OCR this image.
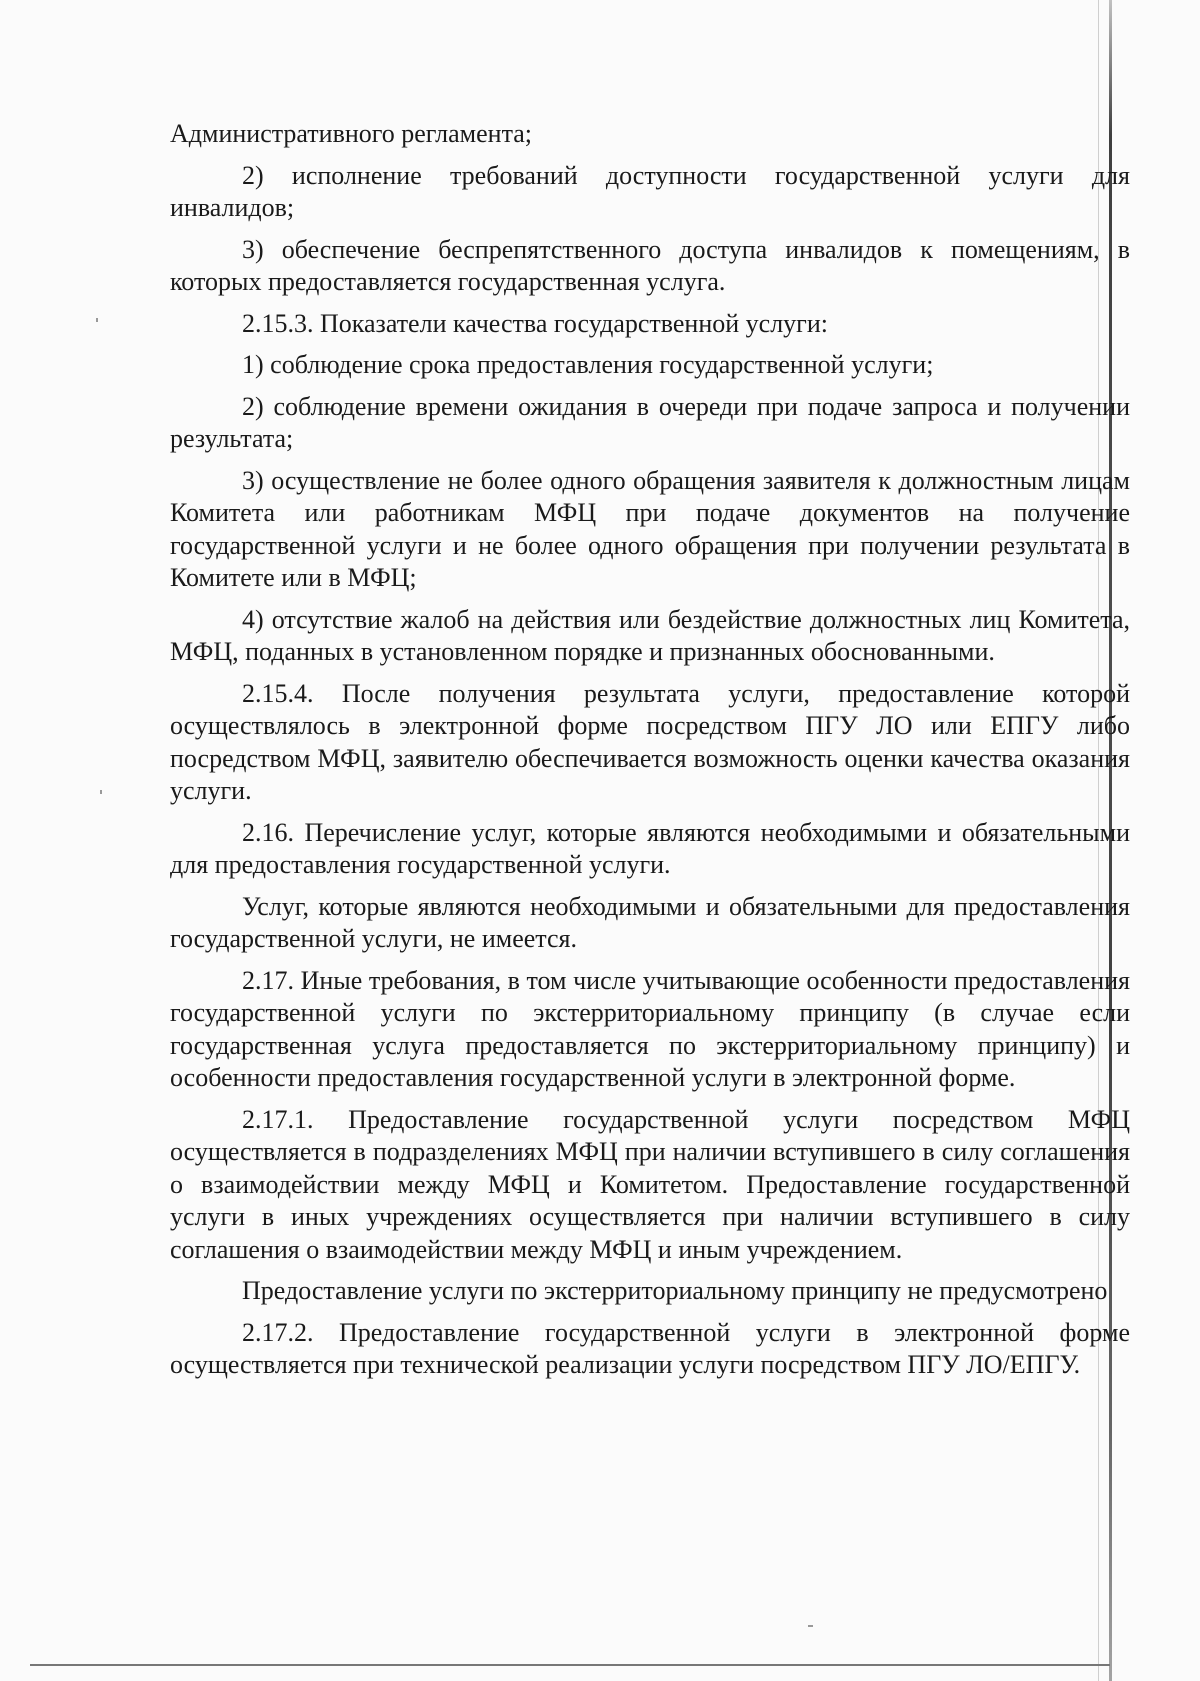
Административного регламента;

2) исполнение требований доступности государственной услуги для инвалидов;

3) обеспечение беспрепятственного доступа инвалидов к помещениям, в которых предоставляется государственная услуга.

2.15.3. Показатели качества государственной услуги:

1) соблюдение срока предоставления государственной услуги;

2) соблюдение времени ожидания в очереди при подаче запроса и получении результата;

3) осуществление не более одного обращения заявителя к должностным лицам Комитета или работникам МФЦ при подаче документов на получение государственной услуги и не более одного обращения при получении результата в Комитете или в МФЦ;

4) отсутствие жалоб на действия или бездействие должностных лиц Комитета, МФЦ, поданных в установленном порядке и признанных обоснованными.

2.15.4. После получения результата услуги, предоставление которой осуществлялось в электронной форме посредством ПГУ ЛО или ЕПГУ либо посредством МФЦ, заявителю обеспечивается возможность оценки качества оказания услуги.

2.16. Перечисление услуг, которые являются необходимыми и обязательными для предоставления государственной услуги.

Услуг, которые являются необходимыми и обязательными для предоставления государственной услуги, не имеется.

2.17. Иные требования, в том числе учитывающие особенности предоставления государственной услуги по экстерриториальному принципу (в случае если государственная услуга предоставляется по экстерриториальному принципу) и особенности предоставления государственной услуги в электронной форме.

2.17.1. Предоставление государственной услуги посредством МФЦ осуществляется в подразделениях МФЦ при наличии вступившего в силу соглашения о взаимодействии между МФЦ и Комитетом. Предоставление государственной услуги в иных учреждениях осуществляется при наличии вступившего в силу соглашения о взаимодействии между МФЦ и иным учреждением.

Предоставление услуги по экстерриториальному принципу не предусмотрено

2.17.2. Предоставление государственной услуги в электронной форме осуществляется при технической реализации услуги посредством ПГУ ЛО/ЕПГУ.
